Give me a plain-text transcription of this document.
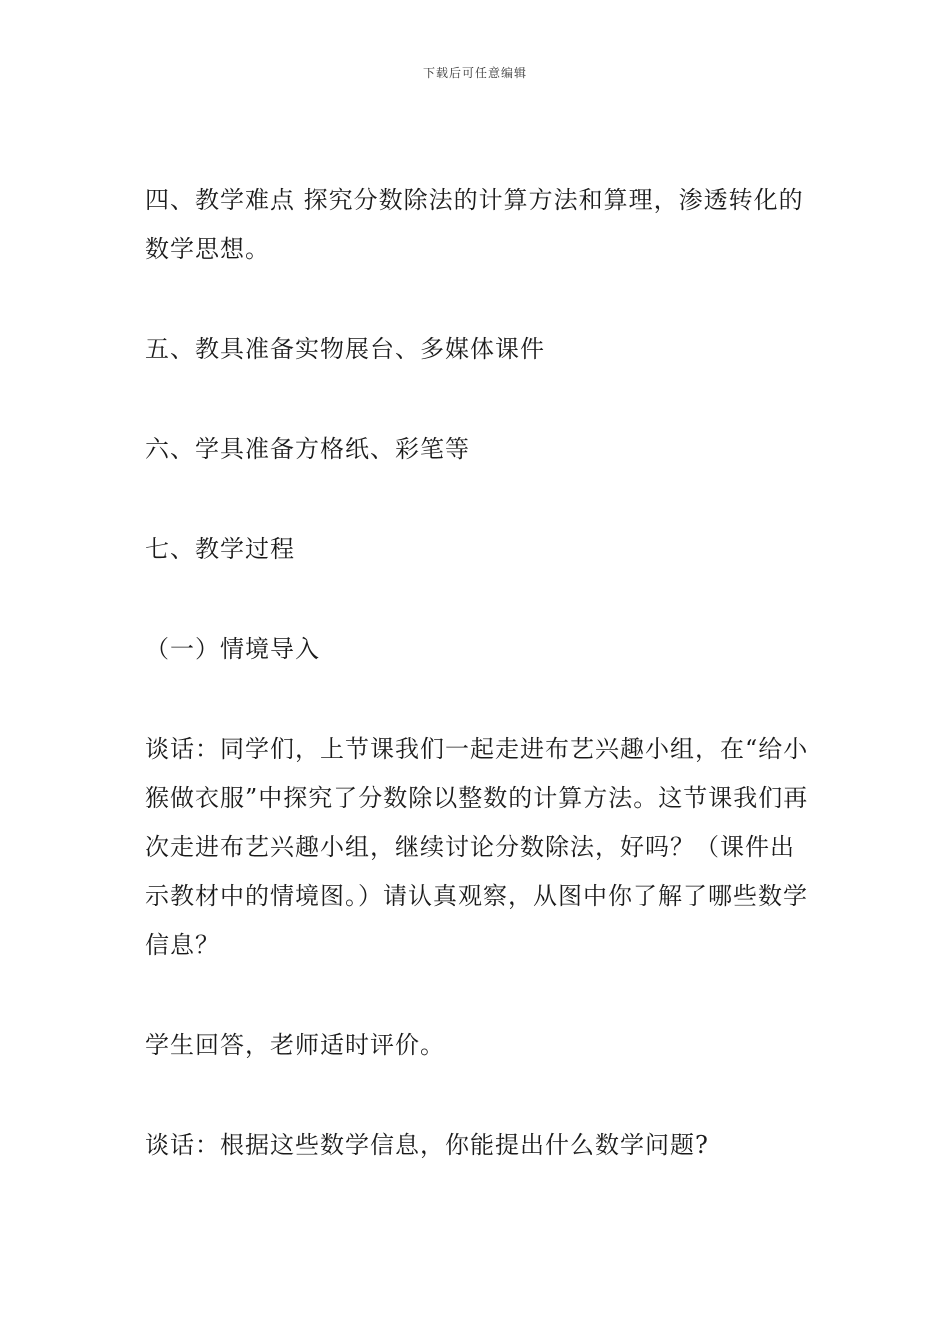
下载后可任意编辑

四、教学难点 探究分数除法的计算方法和算理，渗透转化的数学思想。

五、教具准备实物展台、多媒体课件

六、学具准备方格纸、彩笔等

七、教学过程

（一）情境导入

谈话：同学们，上节课我们一起走进布艺兴趣小组，在“给小猴做衣服”中探究了分数除以整数的计算方法。这节课我们再次走进布艺兴趣小组，继续讨论分数除法，好吗？（课件出示教材中的情境图。）请认真观察，从图中你了解了哪些数学信息？

学生回答，老师适时评价。

谈话：根据这些数学信息，你能提出什么数学问题?
